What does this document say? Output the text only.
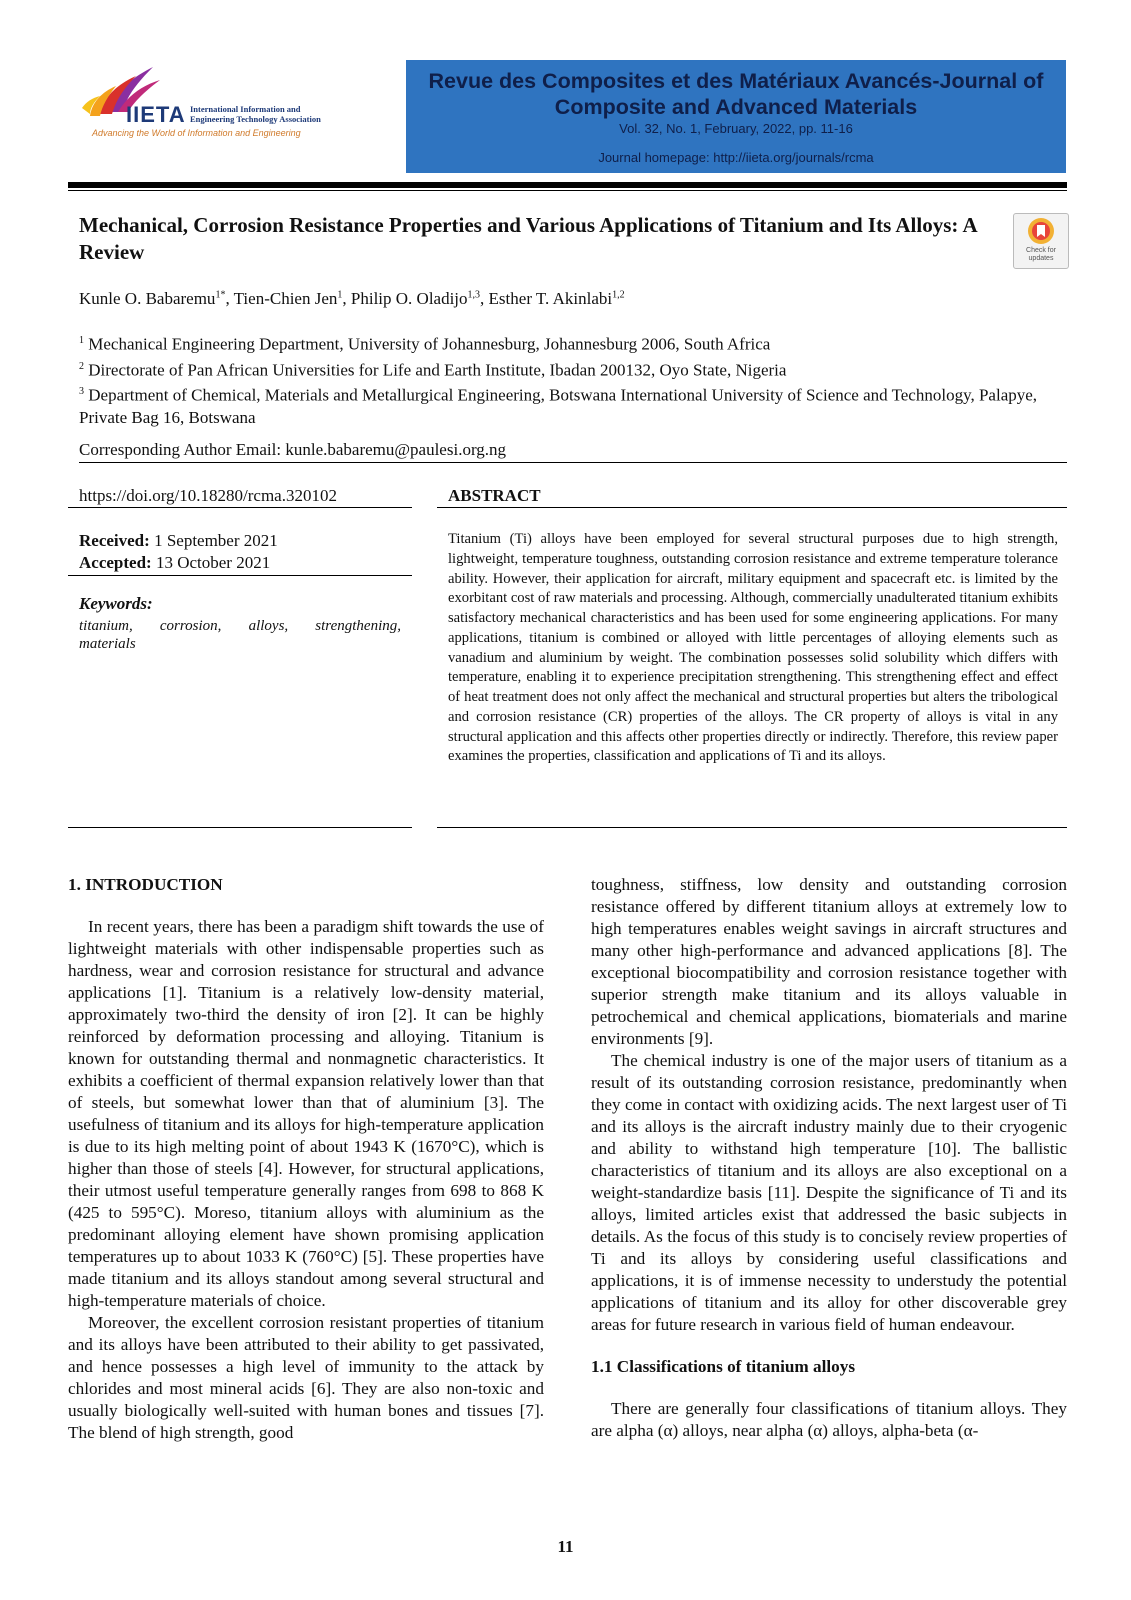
IIETA International Information and Engineering Technology Association
Advancing the World of Information and Engineering
Revue des Composites et des Matériaux Avancés-Journal of Composite and Advanced Materials
Vol. 32, No. 1, February, 2022, pp. 11-16
Journal homepage: http://iieta.org/journals/rcma
Mechanical, Corrosion Resistance Properties and Various Applications of Titanium and Its Alloys: A Review	Check for updates
Kunle O. Babaremu$^{1*}$, Tien-Chien Jen$^1$, Philip O. Oladijo$^{1,3}$, Esther T. Akinlabi$^{1,2}$
$^1$ Mechanical Engineering Department, University of Johannesburg, Johannesburg 2006, South Africa
$^2$ Directorate of Pan African Universities for Life and Earth Institute, Ibadan 200132, Oyo State, Nigeria
$^3$ Department of Chemical, Materials and Metallurgical Engineering, Botswana International University of Science and Technology, Palapye, Private Bag 16, Botswana
Corresponding Author Email: kunle.babaremu@paulesi.org.ng
https://doi.org/10.18280/rcma.320102
Received: 1 September 2021
Accepted: 13 October 2021
Keywords:
titanium, corrosion, alloys, strengthening,
materials
ABSTRACT
Titanium (Ti) alloys have been employed for several structural purposes due to high strength, lightweight, temperature toughness, outstanding corrosion resistance and extreme temperature tolerance ability. However, their application for aircraft, military equipment and spacecraft etc. is limited by the exorbitant cost of raw materials and processing. Although, commercially unadulterated titanium exhibits satisfactory mechanical characteristics and has been used for some engineering applications. For many applications, titanium is combined or alloyed with little percentages of alloying elements such as vanadium and aluminium by weight. The combination possesses solid solubility which differs with temperature, enabling it to experience precipitation strengthening. This strengthening effect and effect of heat treatment does not only affect the mechanical and structural properties but alters the tribological and corrosion resistance (CR) properties of the alloys. The CR property of alloys is vital in any structural application and this affects other properties directly or indirectly. Therefore, this review paper examines the properties, classification and applications of Ti and its alloys.
1. INTRODUCTION
In recent years, there has been a paradigm shift towards the use of lightweight materials with other indispensable properties such as hardness, wear and corrosion resistance for structural and advance applications [1]. Titanium is a relatively low-density material, approximately two-third the density of iron [2]. It can be highly reinforced by deformation processing and alloying. Titanium is known for outstanding thermal and nonmagnetic characteristics. It exhibits a coefficient of thermal expansion relatively lower than that of steels, but somewhat lower than that of aluminium [3]. The usefulness of titanium and its alloys for high-temperature application is due to its high melting point of about 1943 K (1670°C), which is higher than those of steels [4]. However, for structural applications, their utmost useful temperature generally ranges from 698 to 868 K (425 to 595°C). Moreso, titanium alloys with aluminium as the predominant alloying element have shown promising application temperatures up to about 1033 K (760°C) [5]. These properties have made titanium and its alloys standout among several structural and high-temperature materials of choice.
Moreover, the excellent corrosion resistant properties of titanium and its alloys have been attributed to their ability to get passivated, and hence possesses a high level of immunity to the attack by chlorides and most mineral acids [6]. They are also non-toxic and usually biologically well-suited with human bones and tissues [7]. The blend of high strength, good
toughness, stiffness, low density and outstanding corrosion resistance offered by different titanium alloys at extremely low to high temperatures enables weight savings in aircraft structures and many other high-performance and advanced applications [8]. The exceptional biocompatibility and corrosion resistance together with superior strength make titanium and its alloys valuable in petrochemical and chemical applications, biomaterials and marine environments [9].
The chemical industry is one of the major users of titanium as a result of its outstanding corrosion resistance, predominantly when they come in contact with oxidizing acids. The next largest user of Ti and its alloys is the aircraft industry mainly due to their cryogenic and ability to withstand high temperature [10]. The ballistic characteristics of titanium and its alloys are also exceptional on a weight-standardize basis [11]. Despite the significance of Ti and its alloys, limited articles exist that addressed the basic subjects in details. As the focus of this study is to concisely review properties of Ti and its alloys by considering useful classifications and applications, it is of immense necessity to understudy the potential applications of titanium and its alloy for other discoverable grey areas for future research in various field of human endeavour.
1.1 Classifications of titanium alloys
There are generally four classifications of titanium alloys. They are alpha (α) alloys, near alpha (α) alloys, alpha-beta (α-
11
